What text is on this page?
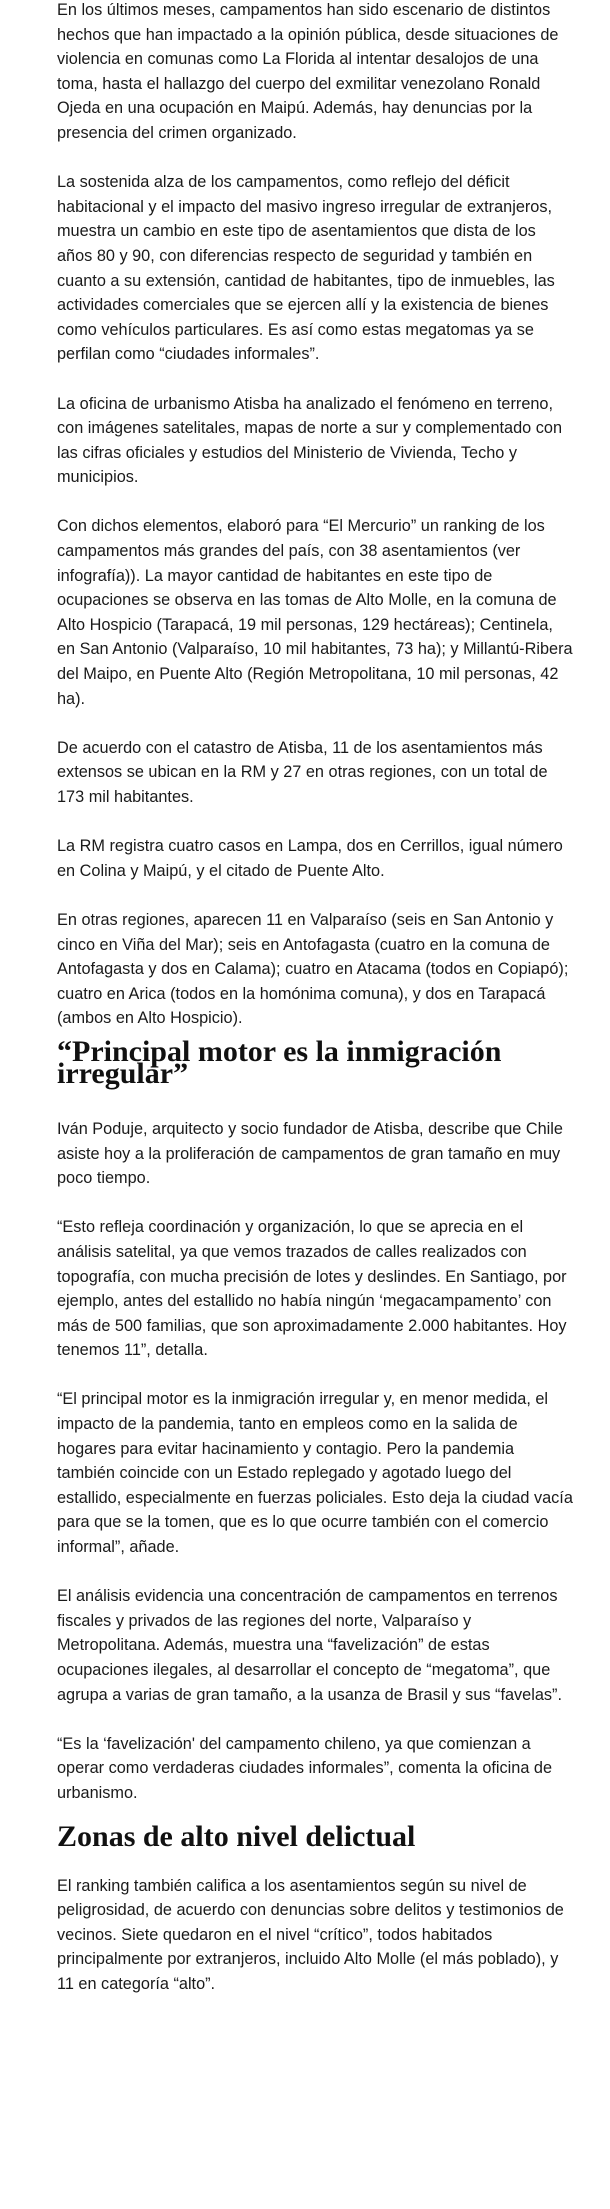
En los últimos meses, campamentos han sido escenario de distintos hechos que han impactado a la opinión pública, desde situaciones de violencia en comunas como La Florida al intentar desalojos de una toma, hasta el hallazgo del cuerpo del exmilitar venezolano Ronald Ojeda en una ocupación en Maipú. Además, hay denuncias por la presencia del crimen organizado.

La sostenida alza de los campamentos, como reflejo del déficit habitacional y el impacto del masivo ingreso irregular de extranjeros, muestra un cambio en este tipo de asentamientos que dista de los años 80 y 90, con diferencias respecto de seguridad y también en cuanto a su extensión, cantidad de habitantes, tipo de inmuebles, las actividades comerciales que se ejercen allí y la existencia de bienes como vehículos particulares. Es así como estas megatomas ya se perfilan como “ciudades informales”.

La oficina de urbanismo Atisba ha analizado el fenómeno en terreno, con imágenes satelitales, mapas de norte a sur y complementado con las cifras oficiales y estudios del Ministerio de Vivienda, Techo y municipios.

Con dichos elementos, elaboró para “El Mercurio” un ranking de los campamentos más grandes del país, con 38 asentamientos (ver infografía)). La mayor cantidad de habitantes en este tipo de ocupaciones se observa en las tomas de Alto Molle, en la comuna de Alto Hospicio (Tarapacá, 19 mil personas, 129 hectáreas); Centinela, en San Antonio (Valparaíso, 10 mil habitantes, 73 ha); y Millantú-Ribera del Maipo, en Puente Alto (Región Metropolitana, 10 mil personas, 42 ha).

De acuerdo con el catastro de Atisba, 11 de los asentamientos más extensos se ubican en la RM y 27 en otras regiones, con un total de 173 mil habitantes.

La RM registra cuatro casos en Lampa, dos en Cerrillos, igual número en Colina y Maipú, y el citado de Puente Alto.

En otras regiones, aparecen 11 en Valparaíso (seis en San Antonio y cinco en Viña del Mar); seis en Antofagasta (cuatro en la comuna de Antofagasta y dos en Calama); cuatro en Atacama (todos en Copiapó); cuatro en Arica (todos en la homónima comuna), y dos en Tarapacá (ambos en Alto Hospicio).

“Principal motor es la inmigración irregular”

Iván Poduje, arquitecto y socio fundador de Atisba, describe que Chile asiste hoy a la proliferación de campamentos de gran tamaño en muy poco tiempo.

“Esto refleja coordinación y organización, lo que se aprecia en el análisis satelital, ya que vemos trazados de calles realizados con topografía, con mucha precisión de lotes y deslindes. En Santiago, por ejemplo, antes del estallido no había ningún ‘megacampamento’ con más de 500 familias, que son aproximadamente 2.000 habitantes. Hoy tenemos 11”, detalla.

“El principal motor es la inmigración irregular y, en menor medida, el impacto de la pandemia, tanto en empleos como en la salida de hogares para evitar hacinamiento y contagio. Pero la pandemia también coincide con un Estado replegado y agotado luego del estallido, especialmente en fuerzas policiales. Esto deja la ciudad vacía para que se la tomen, que es lo que ocurre también con el comercio informal”, añade.

El análisis evidencia una concentración de campamentos en terrenos fiscales y privados de las regiones del norte, Valparaíso y Metropolitana. Además, muestra una “favelización” de estas ocupaciones ilegales, al desarrollar el concepto de “megatoma”, que agrupa a varias de gran tamaño, a la usanza de Brasil y sus “favelas”.

“Es la ‘favelización' del campamento chileno, ya que comienzan a operar como verdaderas ciudades informales”, comenta la oficina de urbanismo.

Zonas de alto nivel delictual

El ranking también califica a los asentamientos según su nivel de peligrosidad, de acuerdo con denuncias sobre delitos y testimonios de vecinos. Siete quedaron en el nivel “crítico”, todos habitados principalmente por extranjeros, incluido Alto Molle (el más poblado), y 11 en categoría “alto”.
